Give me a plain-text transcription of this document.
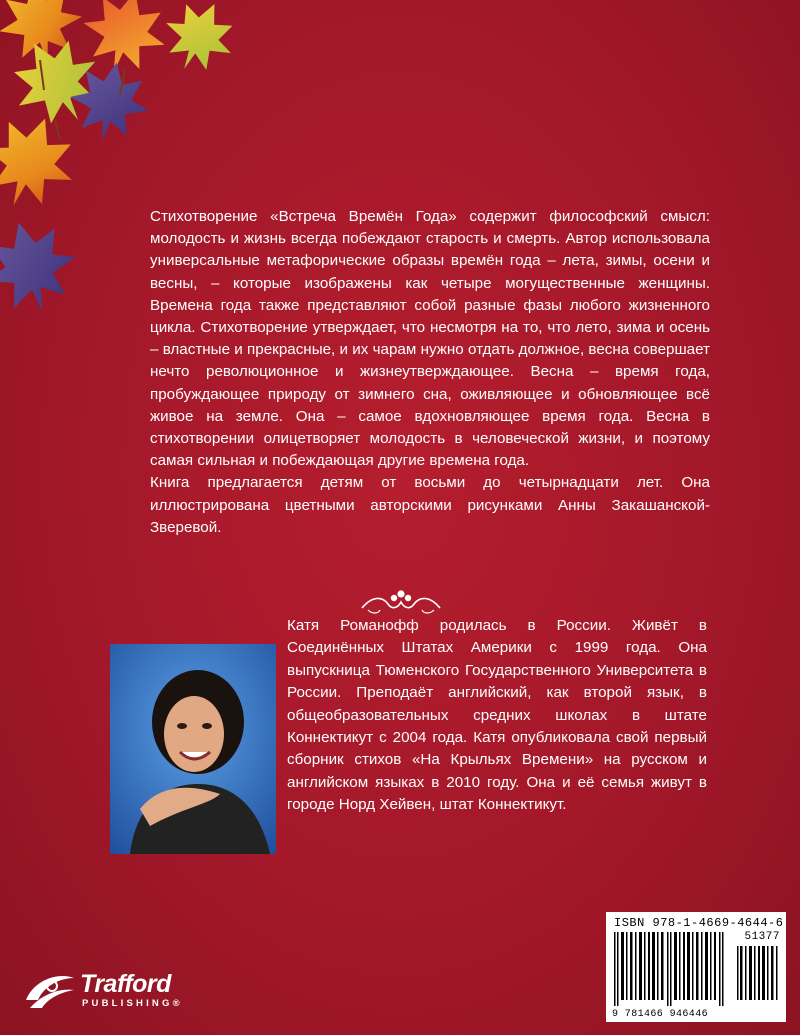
Стихотворение «Встреча Времён Года» содержит философский смысл: молодость и жизнь всегда побеждают старость и смерть. Автор использовала универсальные метафорические образы времён года – лета, зимы, осени и весны, – которые изображены как четыре могущественные женщины. Времена года также представляют собой разные фазы любого жизненного цикла. Стихотворение утверждает, что несмотря на то, что лето, зима и осень – властные и прекрасные, и их чарам нужно отдать должное, весна совершает нечто революционное и жизнеутверждающее. Весна – время года, пробуждающее природу от зимнего сна, оживляющее и обновляющее всё живое на земле. Она – самое вдохновляющее время года. Весна в стихотворении олицетворяет молодость в человеческой жизни, и поэтому самая сильная и побеждающая другие времена года.

Книга предлагается детям от восьми до четырнадцати лет. Она иллюстрирована цветными авторскими рисунками Анны Закашанской-Зверевой.

Катя Романофф родилась в России. Живёт в Соединённых Штатах Америки с 1999 года. Она выпускница Тюменского Государственного Университета в России. Преподаёт английский, как второй язык, в общеобразовательных средних школах в штате Коннектикут с 2004 года. Катя опубликовала свой первый сборник стихов «На Крыльях Времени» на русском и английском языках в 2010 году. Она и её семья живут в городе Норд Хейвен, штат Коннектикут.
ISBN 978-1-4669-4644-6
51377
9 781466 946446
Trafford
PUBLISHING®
